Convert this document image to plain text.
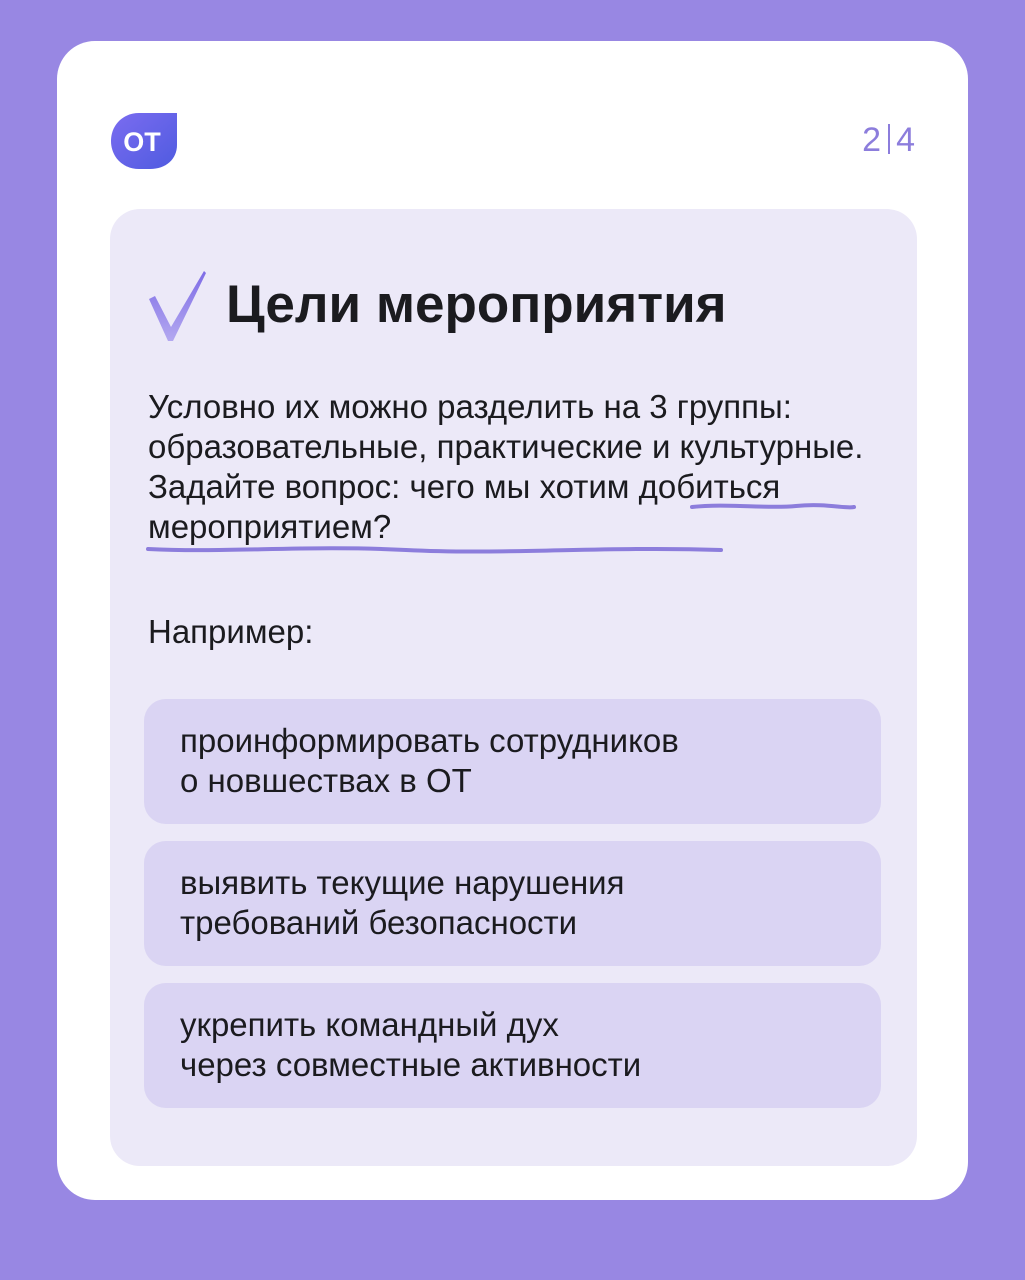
ОТ	2 4
Цели мероприятия

Условно их можно разделить на 3 группы: образовательные, практические и культурные. Задайте вопрос: чего мы хотим добиться мероприятием?

Например:

проинформировать сотрудников
о новшествах в ОТ
выявить текущие нарушения
требований безопасности
укрепить командный дух
через совместные активности
